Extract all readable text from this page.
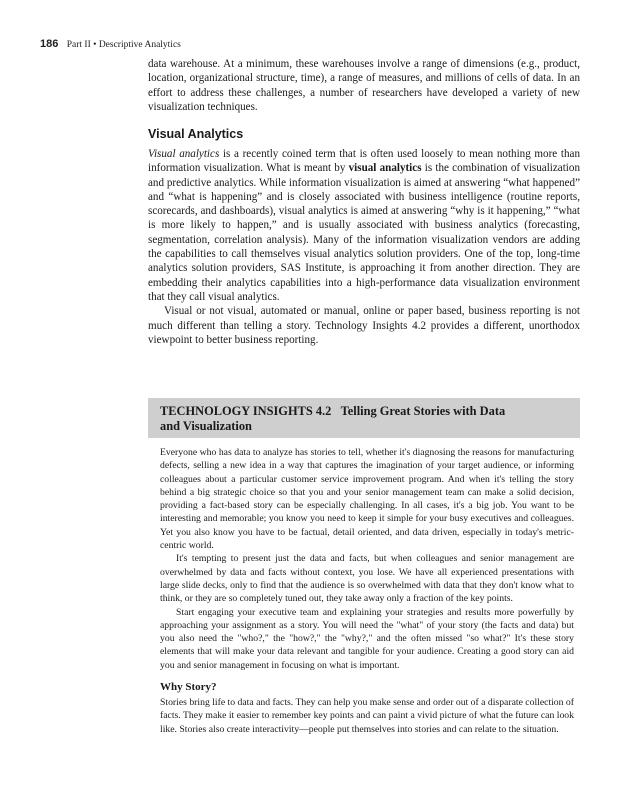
186 Part II • Descriptive Analytics

data warehouse. At a minimum, these warehouses involve a range of dimensions (e.g., product, location, organizational structure, time), a range of measures, and millions of cells of data. In an effort to address these challenges, a number of researchers have developed a variety of new visualization techniques.

Visual Analytics

Visual analytics is a recently coined term that is often used loosely to mean nothing more than information visualization. What is meant by visual analytics is the combination of visualization and predictive analytics. While information visualization is aimed at answering “what happened” and “what is happening” and is closely associated with business intelligence (routine reports, scorecards, and dashboards), visual analytics is aimed at answering “why is it happening,” “what is more likely to happen,” and is usually associated with business analytics (forecasting, segmentation, correlation analysis). Many of the information visualization vendors are adding the capabilities to call themselves visual analytics solution providers. One of the top, long-time analytics solution providers, SAS Institute, is approaching it from another direction. They are embedding their analytics capabilities into a high-performance data visualization environment that they call visual analytics.

Visual or not visual, automated or manual, online or paper based, business reporting is not much different than telling a story. Technology Insights 4.2 provides a different, unorthodox viewpoint to better business reporting.

TECHNOLOGY INSIGHTS 4.2 Telling Great Stories with Data
and Visualization

Everyone who has data to analyze has stories to tell, whether it's diagnosing the reasons for manufacturing defects, selling a new idea in a way that captures the imagination of your target audience, or informing colleagues about a particular customer service improvement program. And when it's telling the story behind a big strategic choice so that you and your senior management team can make a solid decision, providing a fact-based story can be especially challenging. In all cases, it's a big job. You want to be interesting and memorable; you know you need to keep it simple for your busy executives and colleagues. Yet you also know you have to be factual, detail oriented, and data driven, especially in today's metric-centric world.

It's tempting to present just the data and facts, but when colleagues and senior management are overwhelmed by data and facts without context, you lose. We have all experienced presentations with large slide decks, only to find that the audience is so overwhelmed with data that they don't know what to think, or they are so completely tuned out, they take away only a fraction of the key points.

Start engaging your executive team and explaining your strategies and results more powerfully by approaching your assignment as a story. You will need the "what" of your story (the facts and data) but you also need the "who?," the "how?," the "why?," and the often missed "so what?" It's these story elements that will make your data relevant and tangible for your audience. Creating a good story can aid you and senior management in focusing on what is important.

Why Story?

Stories bring life to data and facts. They can help you make sense and order out of a disparate collection of facts. They make it easier to remember key points and can paint a vivid picture of what the future can look like. Stories also create interactivity—people put themselves into stories and can relate to the situation.
